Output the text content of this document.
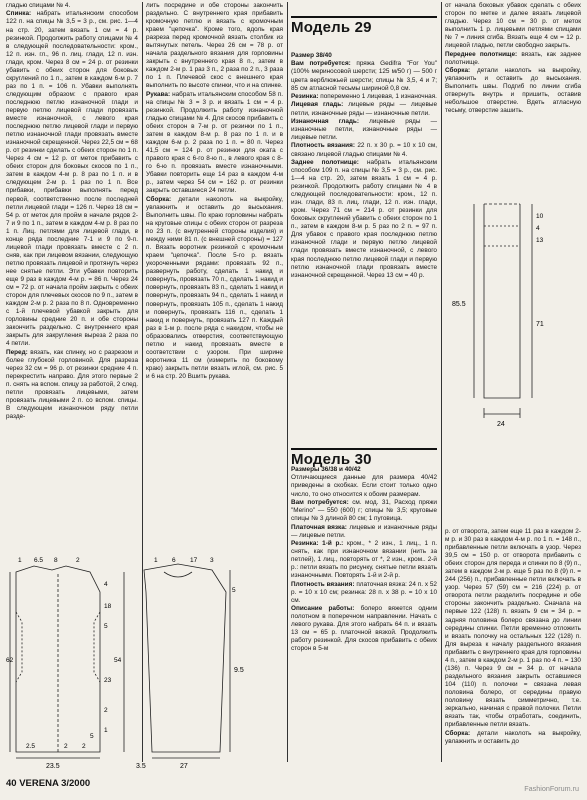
гладью спицами № 4.

Спинка: набрать итальянским способом 122 п. на спицы № 3,5 = 3 р., см. рис. 1—4 на стр. 20, затем вязать 1 см = 4 р. резинкой. Продолжить работу спицами № 4 в следующей последовательности: кром., 12 п. изн. гл., 96 п. лиц. глади, 12 п. изн. глади, кром. Через 8 см = 24 р. от резинки убавить с обеих сторон для боковых скруглений по 1 п., затем в каждом 6-м р. 7 раз по 1 п. = 106 п. Убавки выполнять следующим образом: с правого края последнюю петлю изнаночной глади и первую петлю лицевой глади провязать вместе изнаночной, с левого края последнюю петлю лицевой глади и первую петлю изнаночной глади провязать вместе изнаночной скрещенной. Через 22,5 см = 68 р. от резинки сделать с обеих сторон по 1 п. Через 4 см = 12 р. от меток прибавить с обеих сторон для боковых скосов по 1 п., затем в каждом 4-м р. 8 раз по 1 п. и в следующем 2-м р. 1 раз по 1 п. Все прибавки, прибавки выполнять перед первой, соответственно после последней петли лицевой глади = 126 п. Через 18 см = 54 р. от меток для пройм в начале рядов 2-7 и 9 по 1 п., затем в каждом 4-м р. 8 раз по 1 п. Лиц. петлями для лицевой глади, в конце ряда последние 7-1 и 9 по 9-п. лицевой глади провязать вместе с 2 п. сняв, как при лицевом вязании, следующую петлю провязать лицевой и протянуть через нее снятые петли. Эти убавки повторить еще 9 раз в каждом 4-м р. = 86 п. Через 24 см = 72 р. от начала пройм закрыть с обеих сторон для плечевых скосов по 9 п., затем в каждом 2-м р. 2 раза по 8 п. Одновременно с 1-й плечевой убавкой закрыть для горловины средние 20 п. и обе стороны закончить раздельно. С внутреннего края закрыть для закругления выреза 2 раза по 4 петли.

Перед: вязать, как спинку, но с разрезом и более глубокой горловиной. Для разреза через 32 см = 96 р. от резинки средние 4 п. перекрестить направо. Для этого первые 2 п. снять на вспом. спицу за работой, 2 след. петли провязать лицевыми, затем провязать лицевыми 2 п. со вспом. спицы. В следующем изнаночном ряду петли разде-

лить посредине и обе стороны закончить раздельно. С внутреннего края прибавить кромочную петлю и вязать с кромочным краем "цепочка". Кроме того, вдоль края разреза перед кромочной вязать столбик из вытянутых петель. Через 26 см = 78 р. от начала раздельного вязания для горловины закрыть с внутреннего края 8 п., затем в каждом 2-м р. 1 раз 3 п., 2 раза по 2 п., 3 раза по 1 п. Плечевой скос с внешнего края выполнить по высоте спинки, что и на спинке.

Рукава: набрать итальянским способом 58 п. на спицы № 3 = 3 р. и вязать 1 см = 4 р. резинкой. Продолжить работу изнаночной гладью спицами № 4. Для скосов прибавить с обеих сторон в 7-м р. от резинки по 1 п., затем в каждом 8-м р. 8 раз по 1 п. и в каждом 6-м р. 2 раза по 1 п. = 80 п. Через 41,5 см = 124 р. от резинки для оката с правого края с 6-го 8-ю п., в левого края с 8-го 6-ю п. провязать вместе изнаночными. Убавки повторить еще 14 раз в каждом 4-м р., затем через 54 см = 162 р. от резинки закрыть оставшиеся 24 петли.

Сборка: детали наколоть на выкройку, увлажнить и оставить до высыхания. Выполнить швы. По краю горловины набрать на круговые спицы с обеих сторон от разреза по 23 п. (с внутренней стороны изделия) и между ними 81 п. (с внешней стороны) = 127 п. Вязать воротник резинкой с кромочным краем "цепочка". После 5-го р. вязать укороченными рядами: провязать 92 п., развернуть работу, сделать 1 накид и повернуть, провязать 70 п., сделать 1 накид и повернуть, провязать 83 п., сделать 1 накид и повернуть, провязать 94 п., сделать 1 накид и повернуть, провязать 105 п., сделать 1 накид и повернуть, провязать 116 п., сделать 1 накид и повернуть, провязать 127 п. Каждый раз в 1-м р. после ряда с накидом, чтобы не образовались отверстия, соответствующую петлю и накид провязать вместе в соответствии с узором. При ширине воротника 11 см (измерить по боковому краю) закрыть петли вязать иглой, см. рис. 5 и 6 на стр. 20 Вшить рукава.

Модель 29

Размер 38/40

Вам потребуется: пряжа Gedifra "For You" (100% мериносовой шерсти; 125 м/50 г) — 500 г цвета верблюжьей шерсти; спицы № 3,5, 4 и 7; 85 см атласной тесьмы шириной 0,8 см.

Резинка: попеременно 1 лицевая, 1 изнаночная.

Лицевая гладь: лицевые ряды — лицевые петли, изнаночные ряды — изнаночные петли.

Изнаночная гладь: лицевые ряды — изнаночные петли, изнаночные ряды — лицевые петли.

Плотность вязания: 22 п. х 30 р. = 10 х 10 см, связано лицевой гладью спицами № 4.

Заднее полотнище: набрать итальянским способом 109 п. на спицы № 3,5 = 3 р., см. рис. 1—4 на стр. 20, затем вязать 1 см = 4 р. резинкой. Продолжить работу спицами № 4 в следующей последовательности: кром., 12 п. изн. глади, 83 п. лиц. глади, 12 п. изн. глади, кром. Через 71 см = 214 р. от резинки для боковых скруглений убавить с обеих сторон по 1 п., затем в каждом 8-м р. 5 раз по 2 п. = 97 п. Для убавок с правого края последнюю петлю изнаночной глади и первую петлю лицевой глади провязать вместе изнаночной, с левого края последнюю петлю лицевой глади и первую петлю изнаночной глади провязать вместе изнаночной скрещенной. Через 13 см = 40 р.

от начала боковых убавок сделать с обеих сторон по метке и далее вязать лицевой гладью. Через 10 см = 30 р. от меток выполнить 1 р. лицевыми петлями спицами № 7 = линия сгиба. Вязать еще 4 см = 12 р. лицевой гладью, петли свободно закрыть.

Переднее полотнище: вязать, как заднее полотнище.

Сборка: детали наколоть на выкройку, увлажнить и оставить до высыхания. Выполнить швы. Подгиб по линии сгиба отвернуть внутрь и пришить, оставив небольшое отверстие. Вдеть атласную тесьму, отверстие зашить.

85.5
10
4
13
71
24
Модель 30

Размеры 36/38 и 40/42

Отличающиеся данные для размера 40/42 приведены в скобках. Если стоит только одно число, то оно относится к обоим размерам.

Вам потребуется: см. мод. 31, Расход пряжи "Merino" — 550 (600) г; спицы № 3,5; круговые спицы № 3 длиной 80 см; 1 пуговица.

Платочная вязка: лицевые и изнаночные ряды — лицевые петли.

Резинка: 1-й р.: кром., * 2 изн., 1 лиц., 1 п. снять, как при изнаночном вязании (нить за петлей), 1 лиц., повторять от *, 2 изн., кром.. 2-й р.: петли вязать по рисунку, снятые петли вязать изнаночными. Повторять 1-й и 2-й р.

Плотность вязания: платочная вязка: 24 п. х 52 р. = 10 х 10 см; резинка: 28 п. х 38 р. = 10 х 10 см.

Описание работы: болеро вяжется одним полотном в поперечном направлении. Начать с левого рукава. Для этого набрать 64 п. и вязать 13 см = 65 р. платочной вязкой. Продолжить работу резинкой. Для скосов прибавить с обеих сторон в 5-м

р. от отворота, затем еще 11 раз в каждом 2-м р. и 30 раз в каждом 4-м р. по 1 п. = 148 п., прибавленные петли включать в узор. Через 39,5 см = 150 р. от отворота прибавить с обеих сторон для переда и спинки по 8 (9) п., затем в каждом 2-м р. еще 5 раз по 8 (9) п. = 244 (256) п., прибавленные петли включать в узор. Через 57 (59) см = 216 (224) р. от отворота петли разделить посредине и обе стороны закончить раздельно. Сначала на первые 122 (128) п. вязать 9 см = 34 р. = задняя половина болеро связана до линии середины спинки. Петли временно отложить и вязать полочку на остальных 122 (128) п. Для выреза к началу раздельного вязания прибавить с внутреннего края для горловины 4 п., затем в каждом 2-м р. 1 раз по 4 п. = 130 (136) п. Через 9 см = 34 р. от начала раздельного вязания закрыть оставшиеся 104 (110) п. полочки = связана левая половина болеро, от середины правую половину вязать симметрично, т.е. зеркально, начиная с правой полочки. Петли вязать так, чтобы отработать, соединить, прибавленные петли вязать.

Сборка: детали наколоть на выкройку, увлажнить и оставить до

1 6.5 8	2
4
18
5
23
2
1
2.5	2 2
5
54
62
23.5	3.5
1 6 17 3
5
27
9.5
40 VERENA 3/2000	FashionForum.ru
